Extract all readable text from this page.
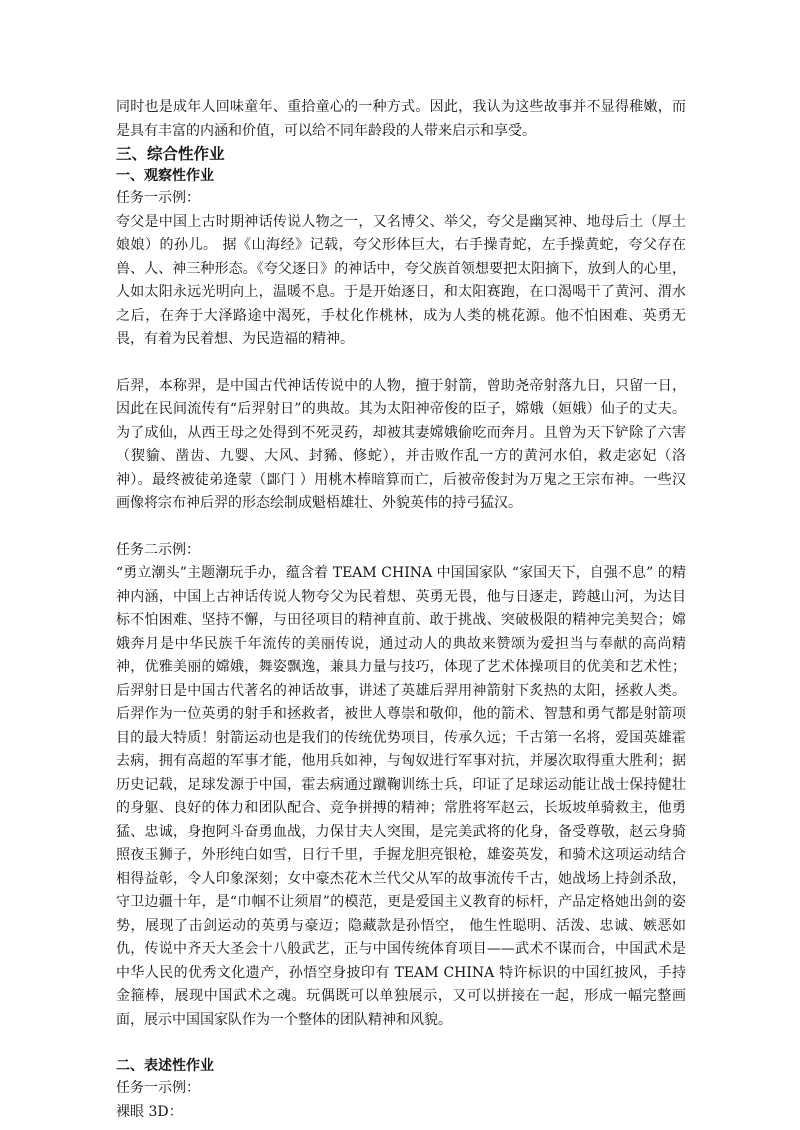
同时也是成年人回味童年、重拾童心的一种方式。因此，我认为这些故事并不显得稚嫩，而是具有丰富的内涵和价值，可以给不同年龄段的人带来启示和享受。

三、综合性作业

一、观察性作业

任务一示例：

夸父是中国上古时期神话传说人物之一，又名博父、举父，夸父是幽冥神、地母后土（厚土娘娘）的孙儿。 据《山海经》记载，夸父形体巨大，右手操青蛇，左手操黄蛇，夸父存在兽、人、神三种形态。《夸父逐日》的神话中，夸父族首领想要把太阳摘下，放到人的心里，人如太阳永远光明向上，温暖不息。于是开始逐日，和太阳赛跑，在口渴喝干了黄河、渭水之后，在奔于大泽路途中渴死，手杖化作桃林，成为人类的桃花源。他不怕困难、英勇无畏，有着为民着想、为民造福的精神。

后羿，本称羿，是中国古代神话传说中的人物，擅于射箭，曾助尧帝射落九日，只留一日，因此在民间流传有“后羿射日”的典故。其为太阳神帝俊的臣子，嫦娥（姮娥）仙子的丈夫。为了成仙，从西王母之处得到不死灵药，却被其妻嫦娥偷吃而奔月。且曾为天下铲除了六害（猰貐、凿齿、九婴、大风、封豨、修蛇），并击败作乱一方的黄河水伯，救走宓妃（洛神）。最终被徒弟逄蒙（𨜵门 ）用桃木棒暗算而亡，后被帝俊封为万鬼之王宗布神。一些汉画像将宗布神后羿的形态绘制成魁梧雄壮、外貌英伟的持弓猛汉。

任务二示例：

“勇立潮头”主题潮玩手办，蕴含着 TEAM CHINA 中国国家队 “家国天下，自强不息” 的精神内涵，中国上古神话传说人物夸父为民着想、英勇无畏，他与日逐走，跨越山河，为达目标不怕困难、坚持不懈，与田径项目的精神直前、敢于挑战、突破极限的精神完美契合；嫦娥奔月是中华民族千年流传的美丽传说，通过动人的典故来赞颂为爱担当与奉献的高尚精神，优雅美丽的嫦娥，舞姿飘逸，兼具力量与技巧，体现了艺术体操项目的优美和艺术性；后羿射日是中国古代著名的神话故事，讲述了英雄后羿用神箭射下炙热的太阳，拯救人类。后羿作为一位英勇的射手和拯救者，被世人尊崇和敬仰，他的箭术、智慧和勇气都是射箭项目的最大特质！射箭运动也是我们的传统优势项目，传承久远；千古第一名将，爱国英雄霍去病，拥有高超的军事才能，他用兵如神，与匈奴进行军事对抗，并屡次取得重大胜利；据历史记载，足球发源于中国，霍去病通过蹴鞠训练士兵，印证了足球运动能让战士保持健壮的身躯、良好的体力和团队配合、竞争拼搏的精神；常胜将军赵云，长坂坡单骑救主，他勇猛、忠诚，身抱阿斗奋勇血战，力保甘夫人突围，是完美武将的化身，备受尊敬，赵云身骑照夜玉狮子，外形纯白如雪，日行千里，手握龙胆亮银枪，雄姿英发，和骑术这项运动结合相得益彰，令人印象深刻；女中豪杰花木兰代父从军的故事流传千古，她战场上持剑杀敌，守卫边疆十年，是“巾帼不让须眉”的模范，更是爱国主义教育的标杆，产品定格她出剑的姿势，展现了击剑运动的英勇与豪迈；隐藏款是孙悟空， 他生性聪明、活泼、忠诚、嫉恶如仇，传说中齐天大圣会十八般武艺，正与中国传统体育项目——武术不谋而合，中国武术是中华人民的优秀文化遗产，孙悟空身披印有 TEAM CHINA 特许标识的中国红披风，手持金箍棒，展现中国武术之魂。玩偶既可以单独展示，又可以拼接在一起，形成一幅完整画面，展示中国国家队作为一个整体的团队精神和风貌。

二、表述性作业

任务一示例：

裸眼 3D：
